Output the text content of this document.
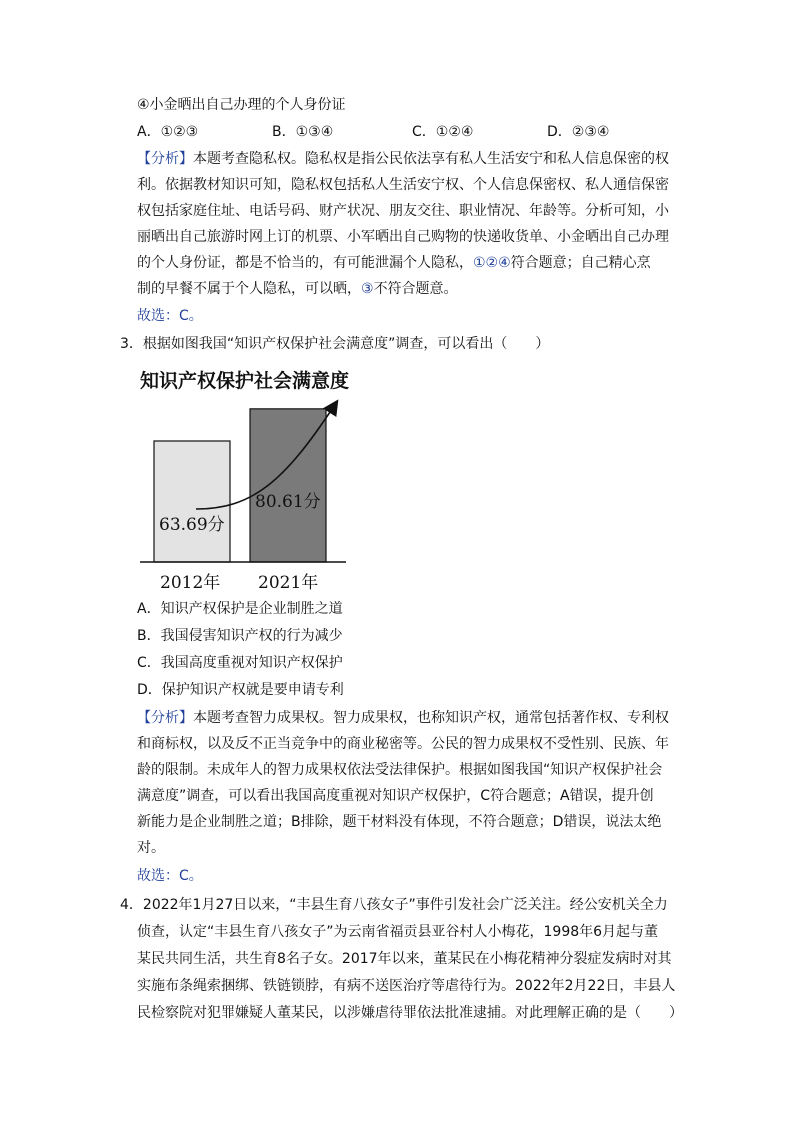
④小金晒出自己办理的个人身份证
A．①②③	B．①③④	C．①②④	D．②③④
【分析】本题考查隐私权。隐私权是指公民依法享有私人生活安宁和私人信息保密的权
利。依据教材知识可知，隐私权包括私人生活安宁权、个人信息保密权、私人通信保密
权包括家庭住址、电话号码、财产状况、朋友交往、职业情况、年龄等。分析可知，小
丽晒出自己旅游时网上订的机票、小军晒出自己购物的快递收货单、小金晒出自己办理
的个人身份证，都是不恰当的，有可能泄漏个人隐私，①②④符合题意；自己精心烹
制的早餐不属于个人隐私，可以晒，③不符合题意。
故选：C。
3．根据如图我国“知识产权保护社会满意度”调查，可以看出（　　）
知识产权保护社会满意度
63.69分
80.61分
2012年 2021年
A．知识产权保护是企业制胜之道
B．我国侵害知识产权的行为减少
C．我国高度重视对知识产权保护
D．保护知识产权就是要申请专利
【分析】本题考查智力成果权。智力成果权，也称知识产权，通常包括著作权、专利权
和商标权，以及反不正当竞争中的商业秘密等。公民的智力成果权不受性别、民族、年
龄的限制。未成年人的智力成果权依法受法律保护。根据如图我国“知识产权保护社会
满意度”调查，可以看出我国高度重视对知识产权保护，C符合题意；A错误，提升创
新能力是企业制胜之道；B排除，题干材料没有体现，不符合题意；D错误，说法太绝
对。
故选：C。
4．2022年1月27日以来，“丰县生育八孩女子”事件引发社会广泛关注。经公安机关全力
侦查，认定“丰县生育八孩女子”为云南省福贡县亚谷村人小梅花，1998年6月起与董
某民共同生活，共生育8名子女。2017年以来，董某民在小梅花精神分裂症发病时对其
实施布条绳索捆绑、铁链锁脖，有病不送医治疗等虐待行为。2022年2月22日，丰县人
民检察院对犯罪嫌疑人董某民，以涉嫌虐待罪依法批准逮捕。对此理解正确的是（　　）
